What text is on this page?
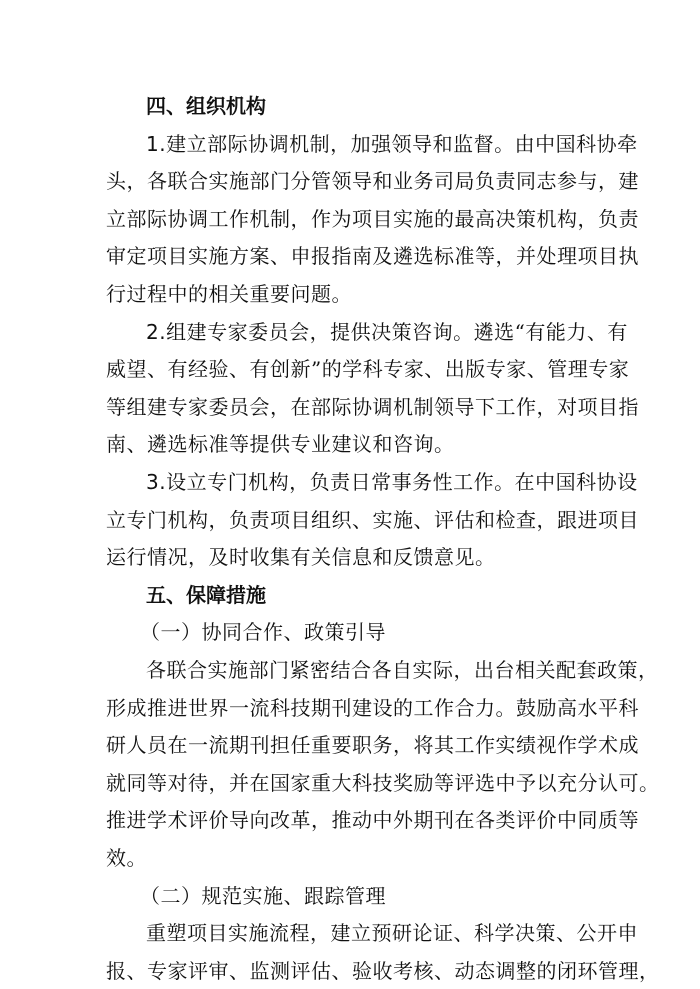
四、组织机构
1.建立部际协调机制，加强领导和监督。由中国科协牵
头，各联合实施部门分管领导和业务司局负责同志参与，建
立部际协调工作机制，作为项目实施的最高决策机构，负责
审定项目实施方案、申报指南及遴选标准等，并处理项目执
行过程中的相关重要问题。
2.组建专家委员会，提供决策咨询。遴选“有能力、有
威望、有经验、有创新”的学科专家、出版专家、管理专家
等组建专家委员会，在部际协调机制领导下工作，对项目指
南、遴选标准等提供专业建议和咨询。
3.设立专门机构，负责日常事务性工作。在中国科协设
立专门机构，负责项目组织、实施、评估和检查，跟进项目
运行情况，及时收集有关信息和反馈意见。
五、保障措施
（一）协同合作、政策引导
各联合实施部门紧密结合各自实际，出台相关配套政策，
形成推进世界一流科技期刊建设的工作合力。鼓励高水平科
研人员在一流期刊担任重要职务，将其工作实绩视作学术成
就同等对待，并在国家重大科技奖励等评选中予以充分认可。
推进学术评价导向改革，推动中外期刊在各类评价中同质等
效。
（二）规范实施、跟踪管理
重塑项目实施流程，建立预研论证、科学决策、公开申
报、专家评审、监测评估、验收考核、动态调整的闭环管理，
